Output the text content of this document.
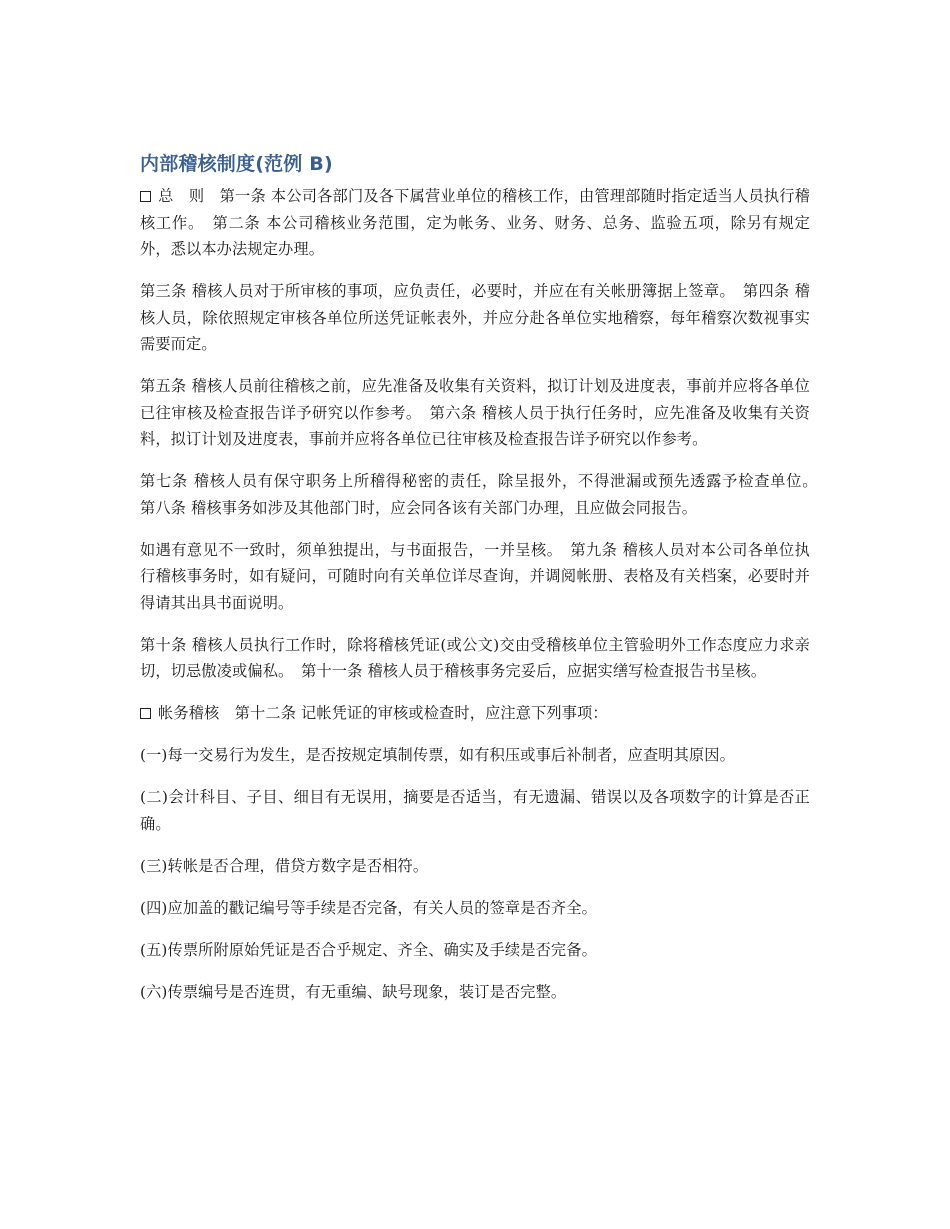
内部稽核制度(范例 B)

总　则　第一条 本公司各部门及各下属营业单位的稽核工作，由管理部随时指定适当人员执行稽核工作。　第二条 本公司稽核业务范围，定为帐务、业务、财务、总务、监验五项，除另有规定外，悉以本办法规定办理。

第三条 稽核人员对于所审核的事项，应负责任，必要时，并应在有关帐册簿据上签章。　第四条 稽核人员，除依照规定审核各单位所送凭证帐表外，并应分赴各单位实地稽察，每年稽察次数视事实需要而定。

第五条 稽核人员前往稽核之前，应先准备及收集有关资料，拟订计划及进度表，事前并应将各单位已往审核及检查报告详予研究以作参考。　第六条 稽核人员于执行任务时，应先准备及收集有关资料，拟订计划及进度表，事前并应将各单位已往审核及检查报告详予研究以作参考。

第七条 稽核人员有保守职务上所稽得秘密的责任，除呈报外，不得泄漏或预先透露予检查单位。　第八条 稽核事务如涉及其他部门时，应会同各该有关部门办理，且应做会同报告。

如遇有意见不一致时，须单独提出，与书面报告，一并呈核。　第九条 稽核人员对本公司各单位执行稽核事务时，如有疑问，可随时向有关单位详尽查询，并调阅帐册、表格及有关档案，必要时并得请其出具书面说明。

第十条 稽核人员执行工作时，除将稽核凭证(或公文)交由受稽核单位主管验明外工作态度应力求亲切，切忌傲凌或偏私。　第十一条 稽核人员于稽核事务完妥后，应据实缮写检查报告书呈核。

帐务稽核　第十二条 记帐凭证的审核或检查时，应注意下列事项：

(一)每一交易行为发生，是否按规定填制传票，如有积压或事后补制者，应查明其原因。

(二)会计科目、子目、细目有无误用，摘要是否适当，有无遗漏、错误以及各项数字的计算是否正确。

(三)转帐是否合理，借贷方数字是否相符。

(四)应加盖的戳记编号等手续是否完备，有关人员的签章是否齐全。

(五)传票所附原始凭证是否合乎规定、齐全、确实及手续是否完备。

(六)传票编号是否连贯，有无重编、缺号现象，装订是否完整。
